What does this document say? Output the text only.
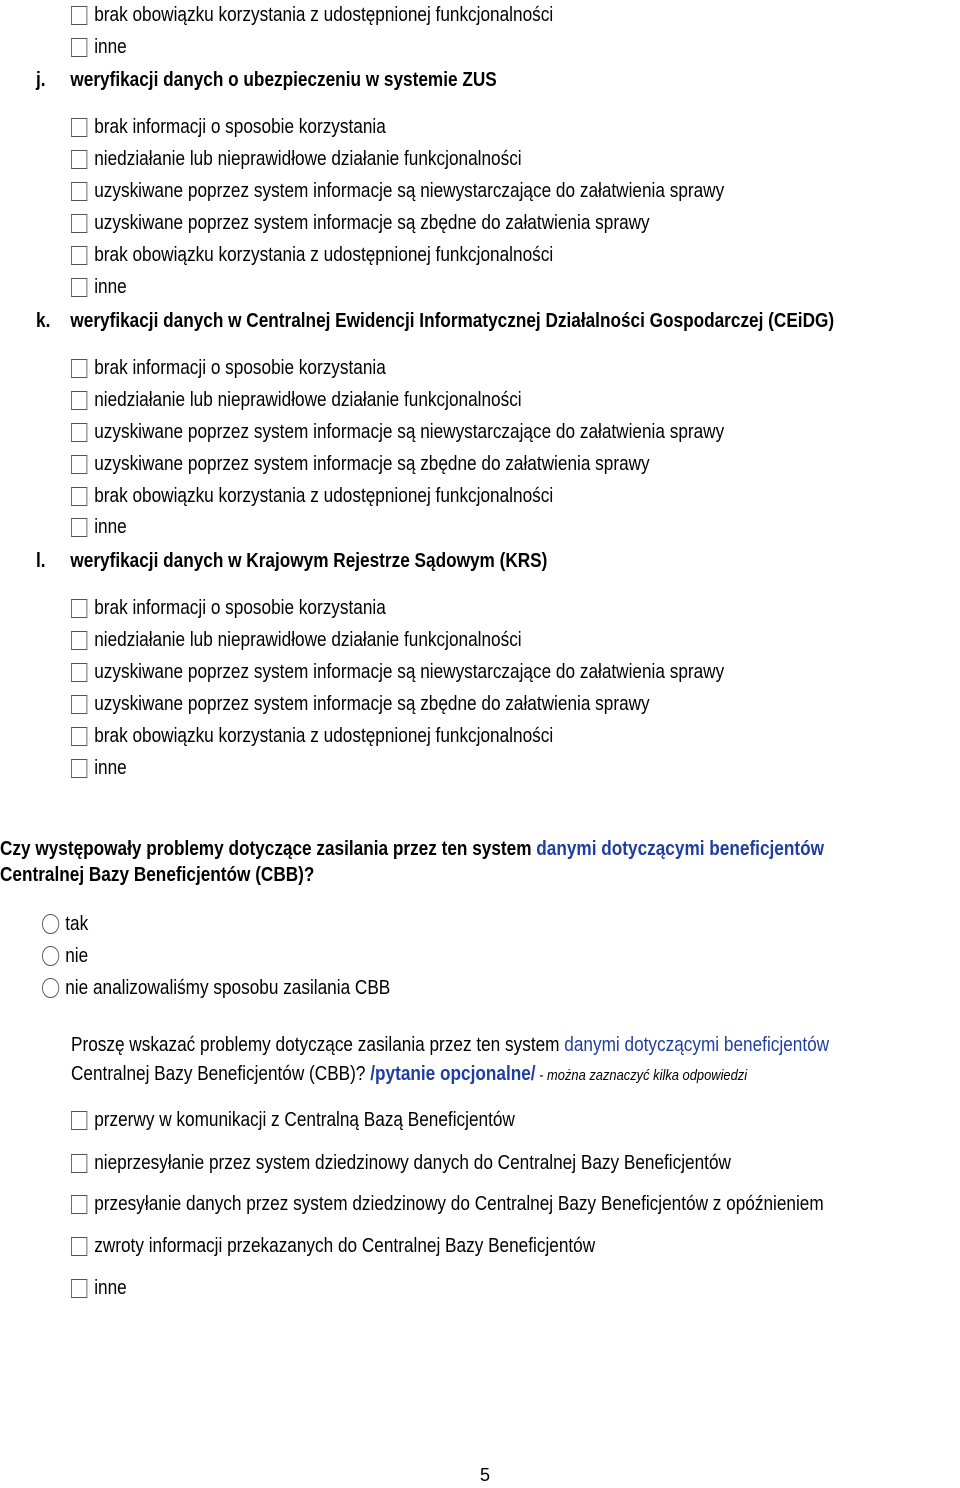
brak obowiązku korzystania z udostępnionej funkcjonalności
inne
j. weryfikacji danych o ubezpieczeniu w systemie ZUS
brak informacji o sposobie korzystania
niedziałanie lub nieprawidłowe działanie funkcjonalności
uzyskiwane poprzez system informacje są niewystarczające do załatwienia sprawy
uzyskiwane poprzez system informacje są zbędne do załatwienia sprawy
brak obowiązku korzystania z udostępnionej funkcjonalności
inne
k. weryfikacji danych w Centralnej Ewidencji Informatycznej Działalności Gospodarczej (CEiDG)
brak informacji o sposobie korzystania
niedziałanie lub nieprawidłowe działanie funkcjonalności
uzyskiwane poprzez system informacje są niewystarczające do załatwienia sprawy
uzyskiwane poprzez system informacje są zbędne do załatwienia sprawy
brak obowiązku korzystania z udostępnionej funkcjonalności
inne
l. weryfikacji danych w Krajowym Rejestrze Sądowym (KRS)
brak informacji o sposobie korzystania
niedziałanie lub nieprawidłowe działanie funkcjonalności
uzyskiwane poprzez system informacje są niewystarczające do załatwienia sprawy
uzyskiwane poprzez system informacje są zbędne do załatwienia sprawy
brak obowiązku korzystania z udostępnionej funkcjonalności
inne
Czy występowały problemy dotyczące zasilania przez ten system danymi dotyczącymi beneficjentów
Centralnej Bazy Beneficjentów (CBB)?
tak
nie
nie analizowaliśmy sposobu zasilania CBB
Proszę wskazać problemy dotyczące zasilania przez ten system danymi dotyczącymi beneficjentów
Centralnej Bazy Beneficjentów (CBB)? /pytanie opcjonalne/ - można zaznaczyć kilka odpowiedzi
przerwy w komunikacji z Centralną Bazą Beneficjentów
nieprzesyłanie przez system dziedzinowy danych do Centralnej Bazy Beneficjentów
przesyłanie danych przez system dziedzinowy do Centralnej Bazy Beneficjentów z opóźnieniem
zwroty informacji przekazanych do Centralnej Bazy Beneficjentów
inne
5
